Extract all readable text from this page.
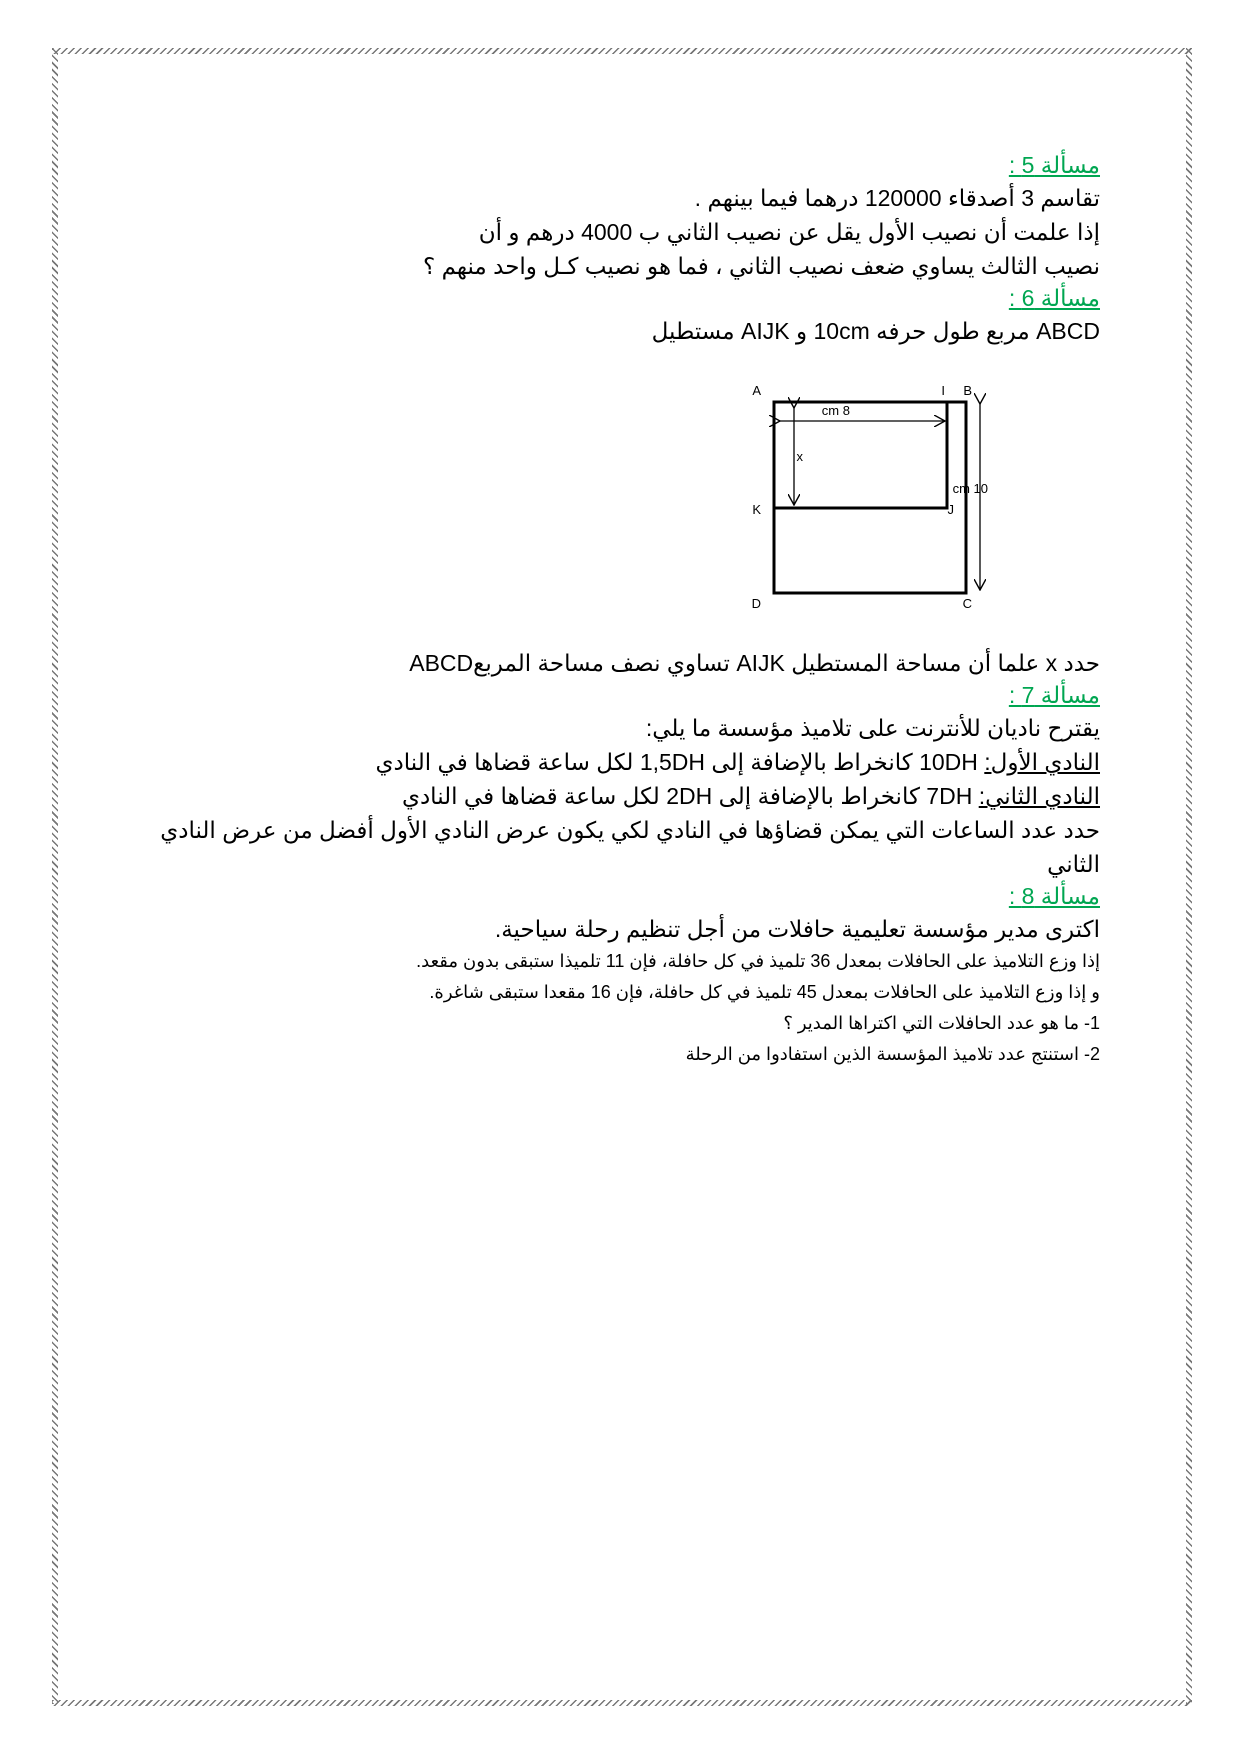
مسألة 5 :
تقاسم 3 أصدقاء 120000 درهما فيما بينهم .
إذا علمت أن نصيب الأول يقل عن نصيب الثاني ب 4000 درهم و أن
نصيب الثالث يساوي ضعف نصيب الثاني ، فما هو نصيب كـل واحد منهم ؟
مسألة 6 :
ABCD مربع طول حرفه 10cm و AIJK مستطيل
A	I B
K	J
D	C
8 cm
x
10 cm
حدد x علما أن مساحة المستطيل AIJK تساوي نصف مساحة المربعABCD
مسألة 7 :
يقترح ناديان للأنترنت على تلاميذ مؤسسة ما يلي:
النادي الأول: 10DH كانخراط بالإضافة إلى 1,5DH لكل ساعة قضاها في النادي
النادي الثاني: 7DH كانخراط بالإضافة إلى 2DH لكل ساعة قضاها في النادي
حدد عدد الساعات التي يمكن قضاؤها في النادي لكي يكون عرض النادي الأول أفضل من عرض النادي الثاني
مسألة 8 :
اكترى مدير مؤسسة تعليمية حافلات من أجل تنظيم رحلة سياحية.
إذا وزع التلاميذ على الحافلات بمعدل 36 تلميذ في كل حافلة، فإن 11 تلميذا ستبقى بدون مقعد.
و إذا وزع التلاميذ على الحافلات بمعدل 45 تلميذ في كل حافلة، فإن 16 مقعدا ستبقى شاغرة.
1- ما هو عدد الحافلات التي اكتراها المدير ؟
2- استنتج عدد تلاميذ المؤسسة الذين استفادوا من الرحلة
